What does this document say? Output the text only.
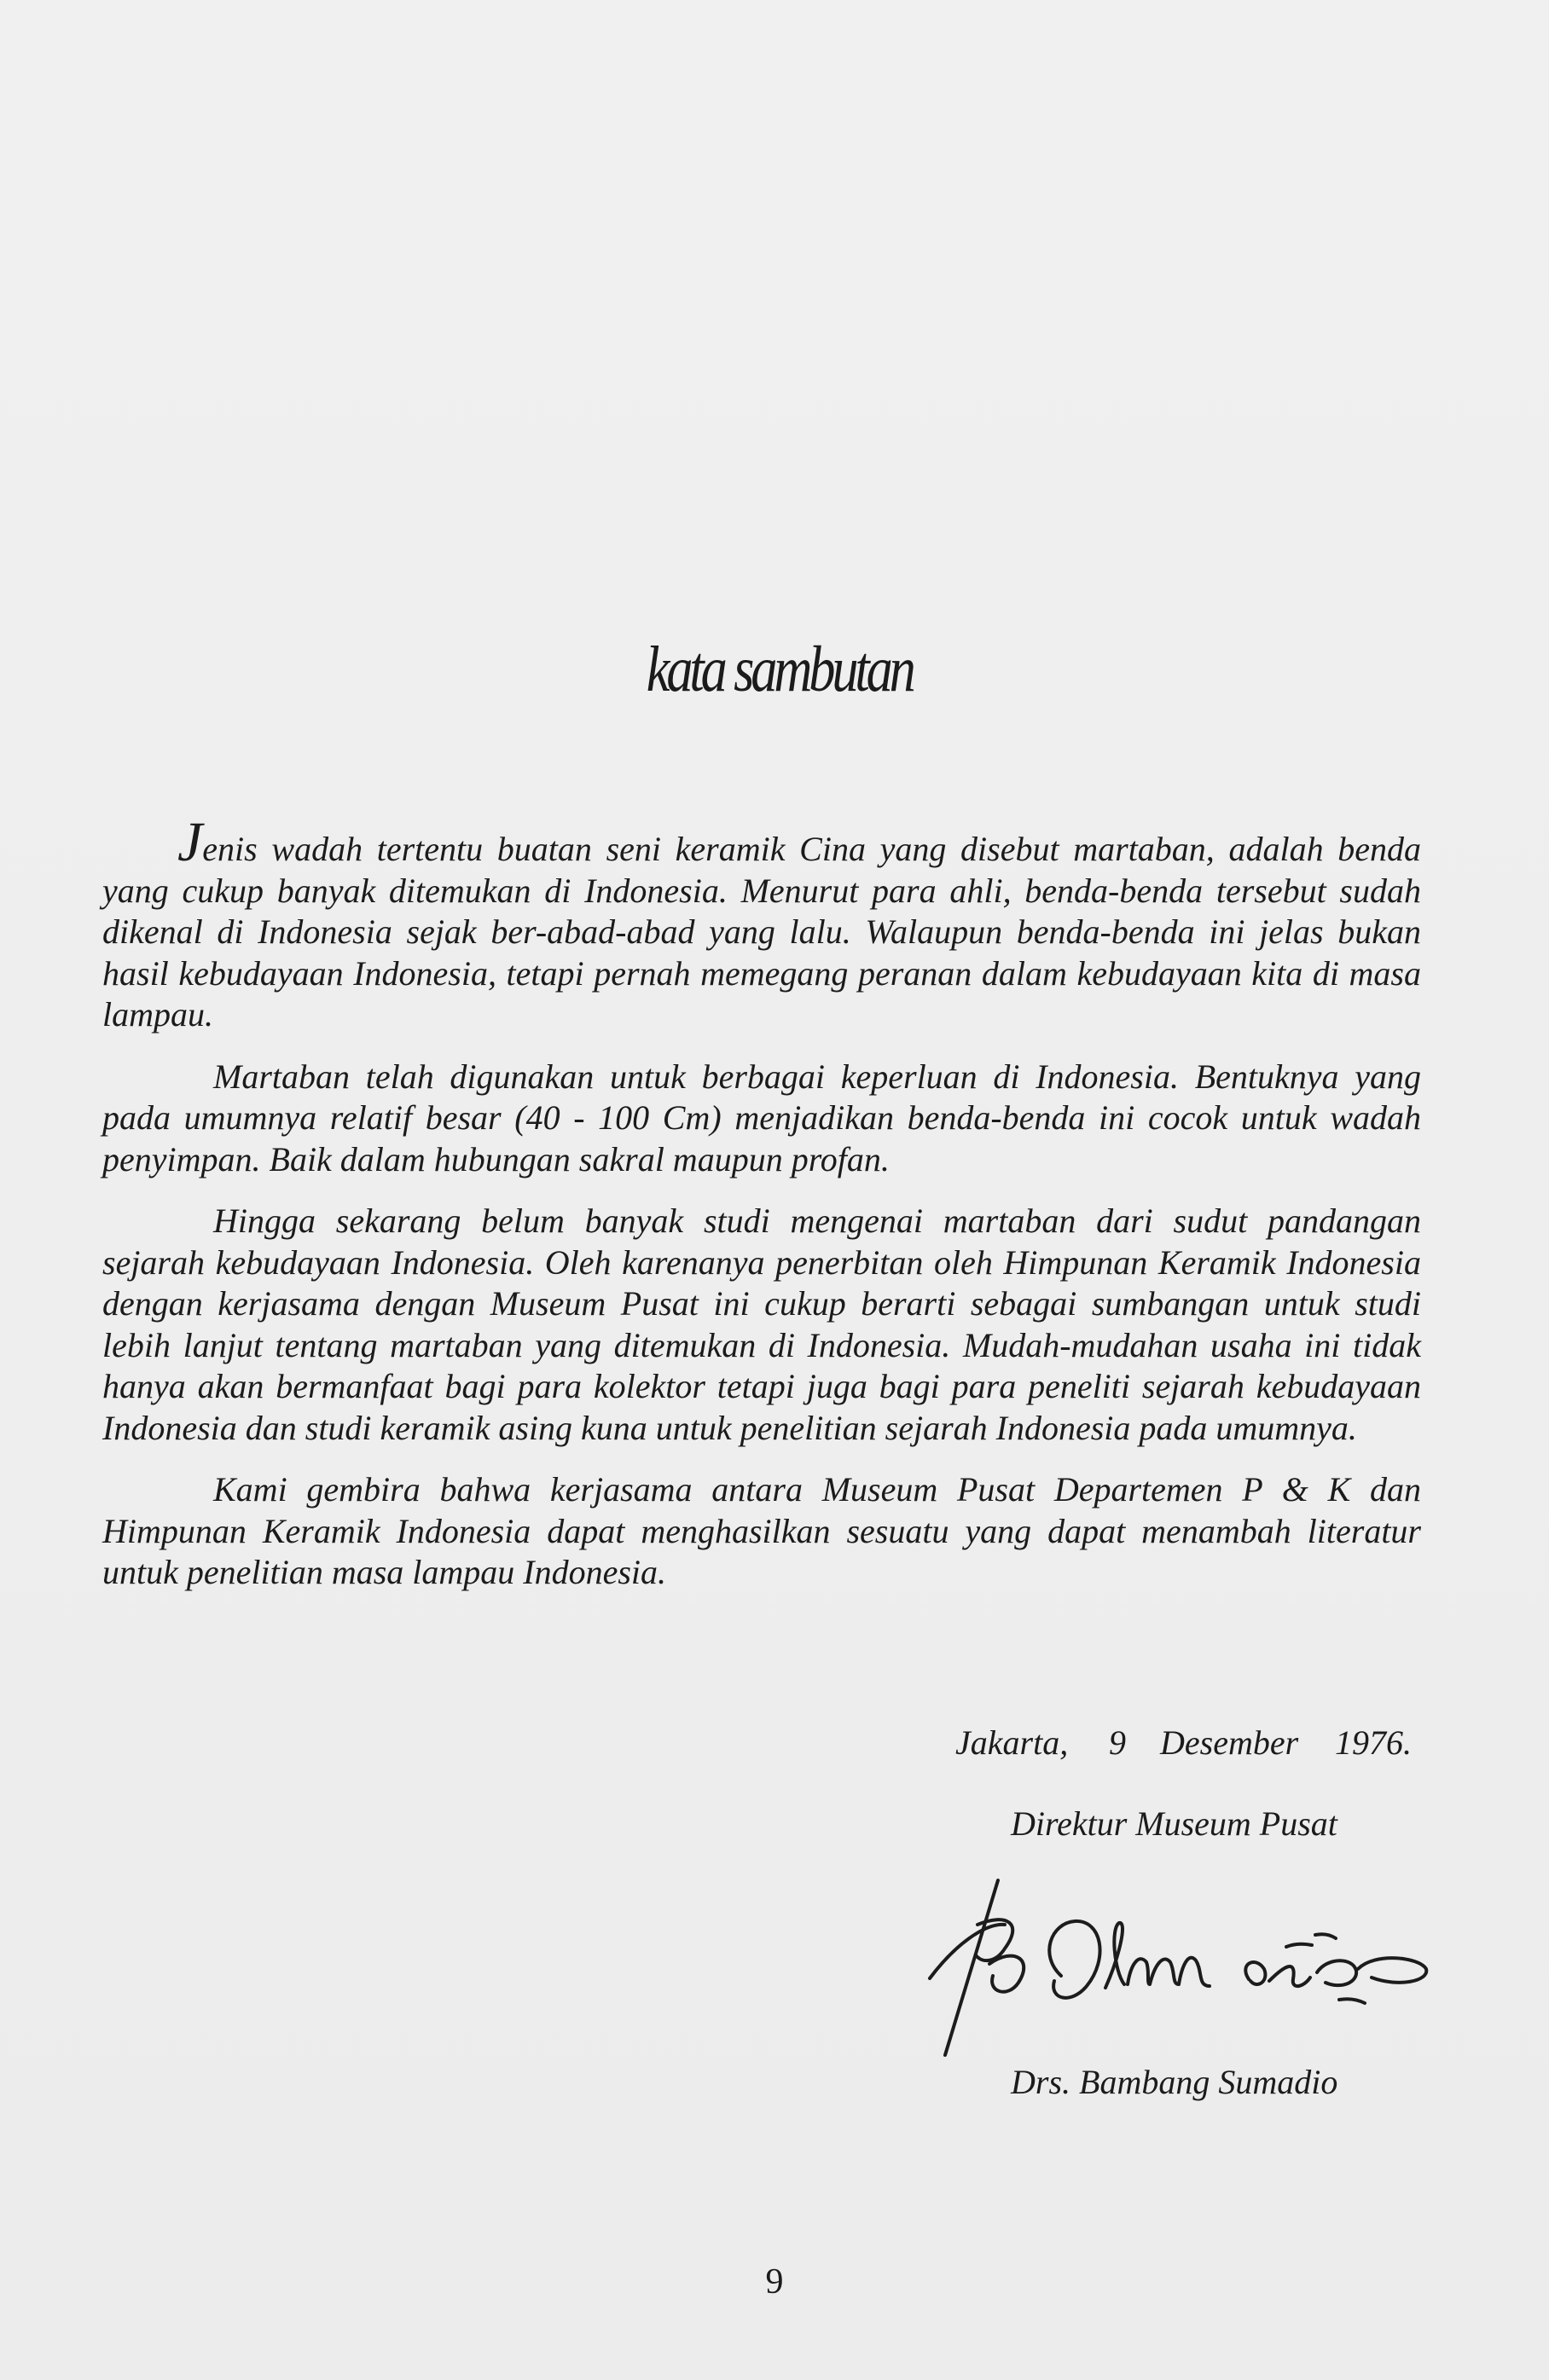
kata sambutan

Jenis wadah tertentu buatan seni keramik Cina yang disebut martaban, adalah benda yang cukup banyak ditemukan di Indonesia. Menurut para ahli, benda-benda tersebut sudah dikenal di Indonesia sejak ber-abad-abad yang lalu. Walaupun benda-benda ini jelas bukan hasil kebudayaan Indonesia, tetapi pernah memegang peranan dalam kebudayaan kita di masa lampau.

Martaban telah digunakan untuk berbagai keperluan di Indonesia. Bentuknya yang pada umumnya relatif besar (40 - 100 Cm) menjadikan benda-benda ini cocok untuk wadah penyimpan. Baik dalam hubungan sakral maupun profan.

Hingga sekarang belum banyak studi mengenai martaban dari sudut pandangan sejarah kebudayaan Indonesia. Oleh karenanya penerbitan oleh Himpunan Keramik Indonesia dengan kerjasama dengan Museum Pusat ini cukup berarti sebagai sumbangan untuk studi lebih lanjut tentang martaban yang ditemukan di Indonesia. Mudah-mudahan usaha ini tidak hanya akan bermanfaat bagi para kolektor tetapi juga bagi para peneliti sejarah kebudayaan Indonesia dan studi keramik asing kuna untuk penelitian sejarah Indonesia pada umumnya.

Kami gembira bahwa kerjasama antara Museum Pusat Departemen P & K dan Himpunan Keramik Indonesia dapat menghasilkan sesuatu yang dapat menambah literatur untuk penelitian masa lampau Indonesia.

Jakarta, 9 Desember 1976.
Direktur Museum Pusat
Drs. Bambang Sumadio
9
